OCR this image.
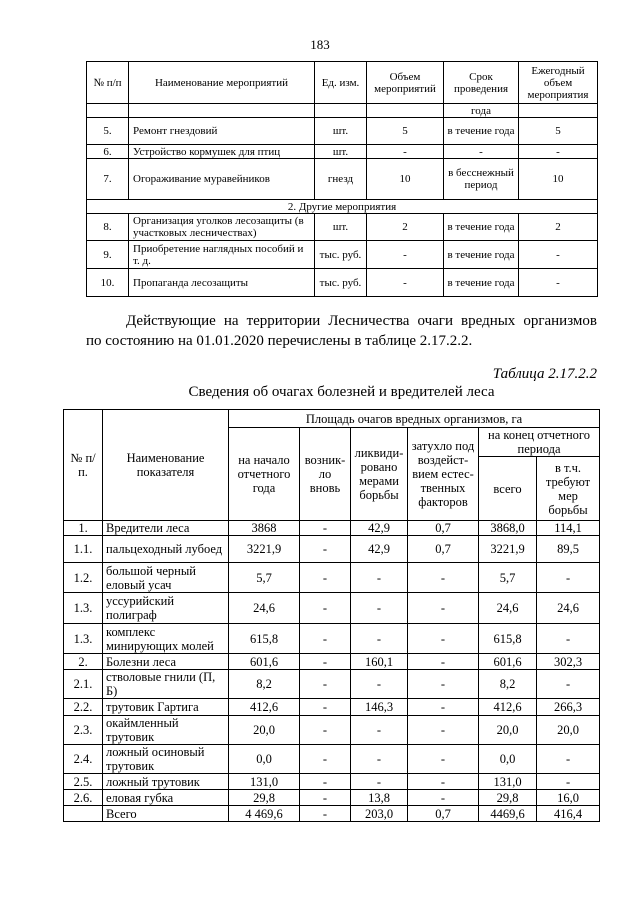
183
№ п/п	Наименование мероприятий	Ед. изм.	Объем мероприятий	Срок проведения	Ежегодный объем мероприятия
				года	
5.	Ремонт гнездовий	шт.	5	в течение года	5
6.	Устройство кормушек для птиц	шт.	-	-	-
7.	Огораживание муравейников	гнезд	10	в бесснежный период	10
2. Другие мероприятия					
8.	Организация уголков лесозащиты (в участковых лесничествах)	шт.	2	в течение года	2
9.	Приобретение наглядных пособий и т. д.	тыс. руб.	-	в течение года	-
10.	Пропаганда лесозащиты	тыс. руб.	-	в течение года	-
Действующие на территории Лесничества очаги вредных организмов
по состоянию на 01.01.2020 перечислены в таблице 2.17.2.2.
Таблица 2.17.2.2
Сведения об очагах болезней и вредителей леса
№ п/п.	Наименование показателя	Площадь очагов вредных организмов, га					
		на начало отчетного года	возник-ло вновь	ликвиди-ровано мерами борьбы	затухло под воздейст-вием естес-твенных факторов	на конец отчетного периода	
						всего	в т.ч. требуют мер борьбы
1.	Вредители леса	3868	-	42,9	0,7	3868,0	114,1
1.1.	пальцеходный лубоед	3221,9	-	42,9	0,7	3221,9	89,5
1.2.	большой черный еловый усач	5,7	-	-	-	5,7	-
1.3.	уссурийский полиграф	24,6	-	-	-	24,6	24,6
1.3.	комплекс минирующих молей	615,8	-	-	-	615,8	-
2.	Болезни леса	601,6	-	160,1	-	601,6	302,3
2.1.	стволовые гнили (П, Б)	8,2	-	-	-	8,2	-
2.2.	трутовик Гартига	412,6	-	146,3	-	412,6	266,3
2.3.	окаймленный трутовик	20,0	-	-	-	20,0	20,0
2.4.	ложный осиновый трутовик	0,0	-	-	-	0,0	-
2.5.	ложный трутовик	131,0	-	-	-	131,0	-
2.6.	еловая губка	29,8	-	13,8	-	29,8	16,0
	Всего	4 469,6	-	203,0	0,7	4469,6	416,4
